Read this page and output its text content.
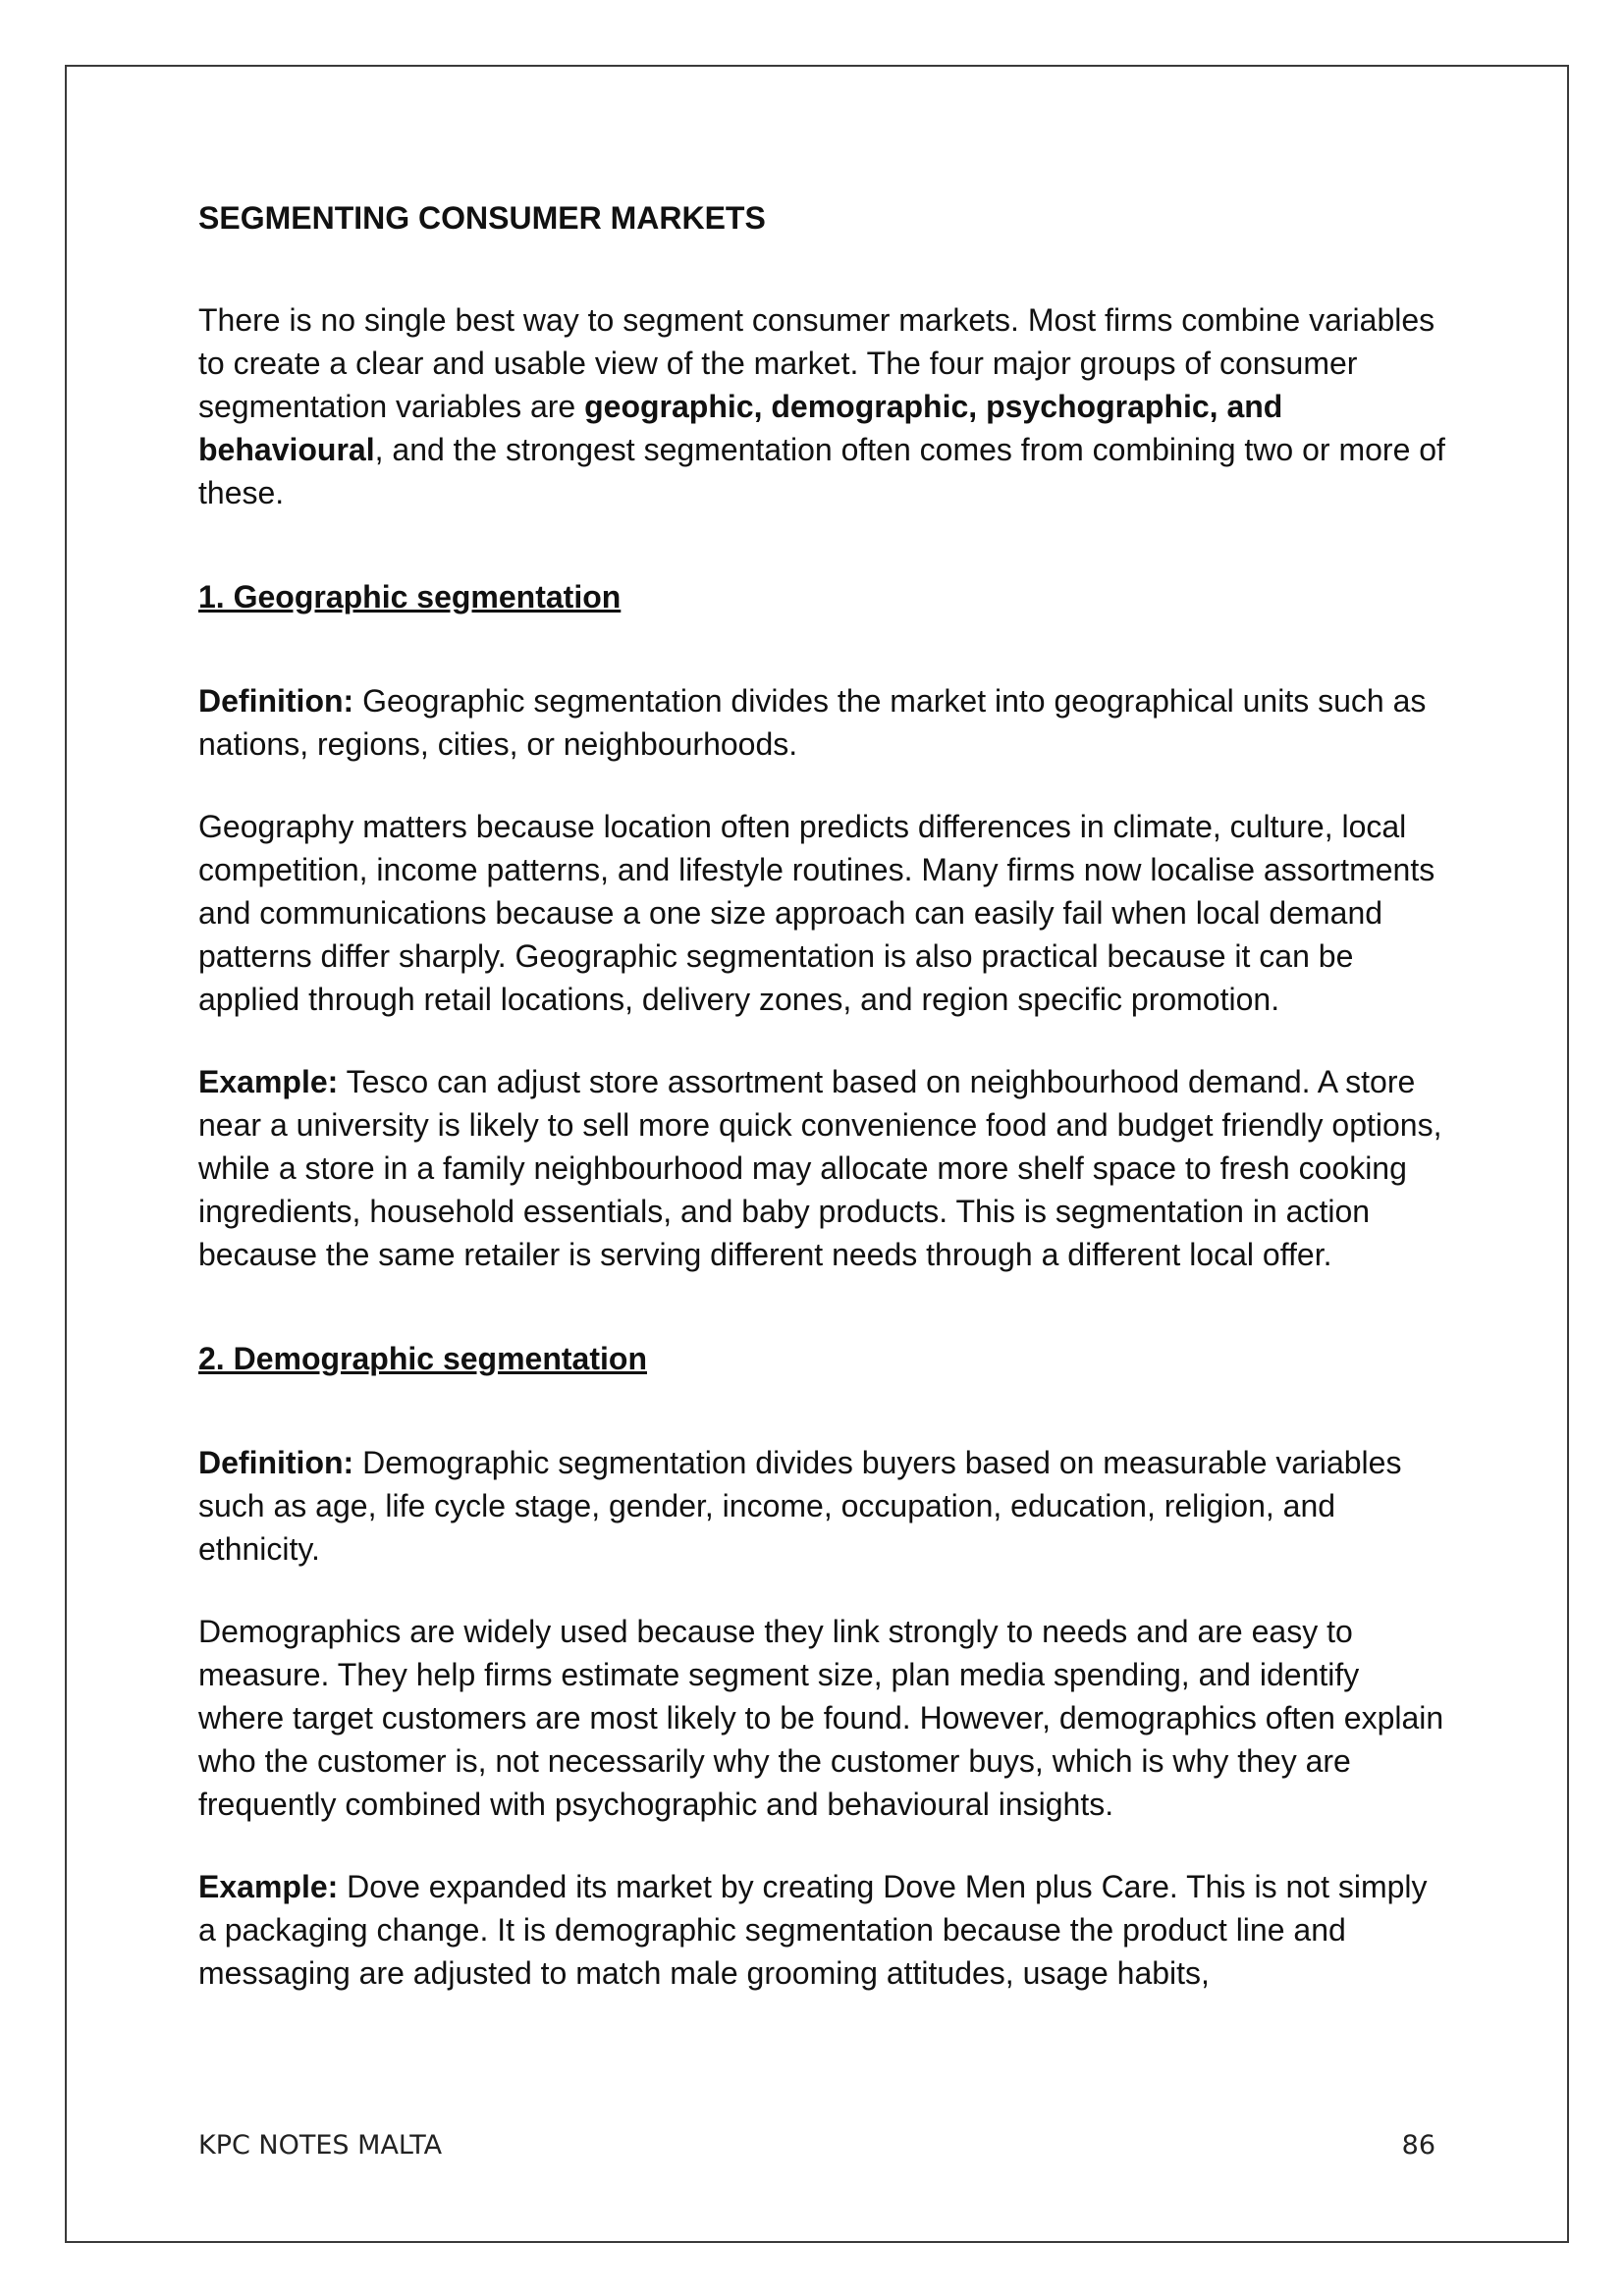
SEGMENTING CONSUMER MARKETS

There is no single best way to segment consumer markets. Most firms combine variables to create a clear and usable view of the market. The four major groups of consumer segmentation variables are geographic, demographic, psychographic, and behavioural, and the strongest segmentation often comes from combining two or more of these.

1. Geographic segmentation

Definition: Geographic segmentation divides the market into geographical units such as nations, regions, cities, or neighbourhoods.

Geography matters because location often predicts differences in climate, culture, local competition, income patterns, and lifestyle routines. Many firms now localise assortments and communications because a one size approach can easily fail when local demand patterns differ sharply. Geographic segmentation is also practical because it can be applied through retail locations, delivery zones, and region specific promotion.

Example: Tesco can adjust store assortment based on neighbourhood demand. A store near a university is likely to sell more quick convenience food and budget friendly options, while a store in a family neighbourhood may allocate more shelf space to fresh cooking ingredients, household essentials, and baby products. This is segmentation in action because the same retailer is serving different needs through a different local offer.

2. Demographic segmentation

Definition: Demographic segmentation divides buyers based on measurable variables such as age, life cycle stage, gender, income, occupation, education, religion, and ethnicity.

Demographics are widely used because they link strongly to needs and are easy to measure. They help firms estimate segment size, plan media spending, and identify where target customers are most likely to be found. However, demographics often explain who the customer is, not necessarily why the customer buys, which is why they are frequently combined with psychographic and behavioural insights.

Example: Dove expanded its market by creating Dove Men plus Care. This is not simply a packaging change. It is demographic segmentation because the product line and messaging are adjusted to match male grooming attitudes, usage habits,

KPC NOTES MALTA	86
